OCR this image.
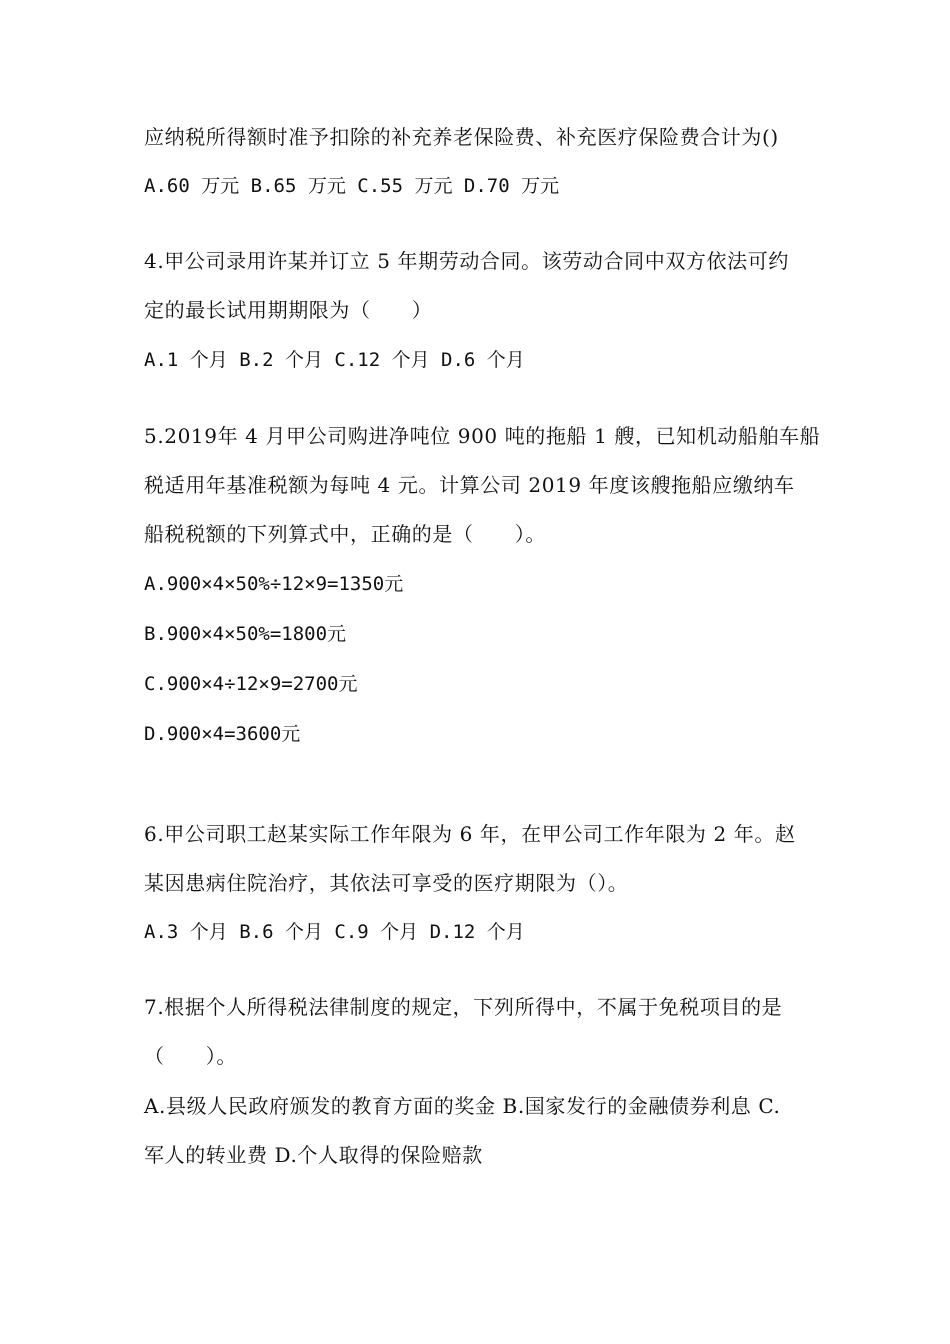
应纳税所得额时准予扣除的补充养老保险费、补充医疗保险费合计为()
A.60 万元 B.65 万元 C.55 万元 D.70 万元
4.甲公司录用许某并订立 5 年期劳动合同。该劳动合同中双方依法可约
定的最长试用期期限为（　　）
A.1 个月 B.2 个月 C.12 个月 D.6 个月
5.2019年 4 月甲公司购进净吨位 900 吨的拖船 1 艘，已知机动船舶车船
税适用年基准税额为每吨 4 元。计算公司 2019 年度该艘拖船应缴纳车
船税税额的下列算式中，正确的是（　　）。
A.900×4×50%÷12×9=1350元
B.900×4×50%=1800元
C.900×4÷12×9=2700元
D.900×4=3600元
6.甲公司职工赵某实际工作年限为 6 年，在甲公司工作年限为 2 年。赵
某因患病住院治疗，其依法可享受的医疗期限为（）。
A.3 个月 B.6 个月 C.9 个月 D.12 个月
7.根据个人所得税法律制度的规定，下列所得中，不属于免税项目的是
（　　）。
A.县级人民政府颁发的教育方面的奖金 B.国家发行的金融债券利息 C.
军人的转业费 D.个人取得的保险赔款
